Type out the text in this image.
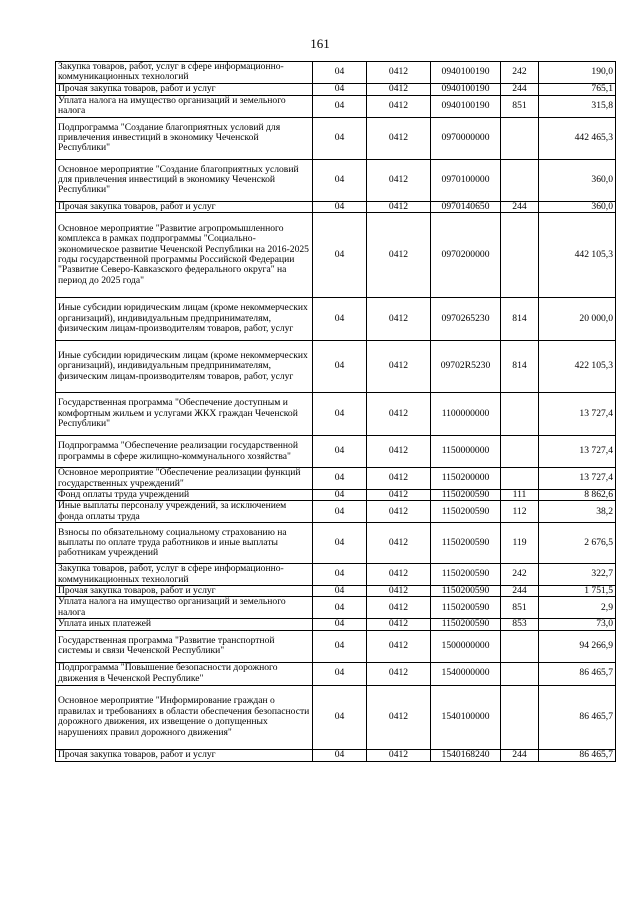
161
Закупка товаров, работ, услуг в сфере информационно-коммуникационных технологий	04	0412	0940100190	242	190,0
Прочая закупка товаров, работ и услуг	04	0412	0940100190	244	765,1
Уплата налога на имущество организаций и земельного налога	04	0412	0940100190	851	315,8
Подпрограмма "Создание благоприятных условий для привлечения инвестиций в экономику Чеченской Республики"	04	0412	0970000000		442 465,3
Основное мероприятие "Создание благоприятных условий для привлечения инвестиций в экономику Чеченской Республики"	04	0412	0970100000		360,0
Прочая закупка товаров, работ и услуг	04	0412	0970140650	244	360,0
Основное мероприятие "Развитие агропромышленного комплекса в рамках подпрограммы "Социально-экономическое развитие Чеченской Республики на 2016-2025 годы государственной программы Российской Федерации "Развитие Северо-Кавказского федерального округа" на период до 2025 года"	04	0412	0970200000		442 105,3
Иные субсидии юридическим лицам (кроме некоммерческих организаций), индивидуальным предпринимателям, физическим лицам-производителям товаров, работ, услуг	04	0412	0970265230	814	20 000,0
Иные субсидии юридическим лицам (кроме некоммерческих организаций), индивидуальным предпринимателям, физическим лицам-производителям товаров, работ, услуг	04	0412	09702R5230	814	422 105,3
Государственная программа "Обеспечение доступным и комфортным жильем и услугами ЖКХ граждан Чеченской Республики"	04	0412	1100000000		13 727,4
Подпрограмма "Обеспечение реализации государственной программы в сфере жилищно-коммунального хозяйства"	04	0412	1150000000		13 727,4
Основное мероприятие "Обеспечение реализации функций государственных учреждений"	04	0412	1150200000		13 727,4
Фонд оплаты труда учреждений	04	0412	1150200590	111	8 862,6
Иные выплаты персоналу учреждений, за исключением фонда оплаты труда	04	0412	1150200590	112	38,2
Взносы по обязательному социальному страхованию на выплаты по оплате труда работников и иные выплаты работникам учреждений	04	0412	1150200590	119	2 676,5
Закупка товаров, работ, услуг в сфере информационно-коммуникационных технологий	04	0412	1150200590	242	322,7
Прочая закупка товаров, работ и услуг	04	0412	1150200590	244	1 751,5
Уплата налога на имущество организаций и земельного налога	04	0412	1150200590	851	2,9
Уплата иных платежей	04	0412	1150200590	853	73,0
Государственная программа "Развитие транспортной системы и связи Чеченской Республики"	04	0412	1500000000		94 266,9
Подпрограмма "Повышение безопасности дорожного движения в Чеченской Республике"	04	0412	1540000000		86 465,7
Основное мероприятие "Информирование граждан о правилах и требованиях в области обеспечения безопасности дорожного движения, их извещение о допущенных нарушениях правил дорожного движения"	04	0412	1540100000		86 465,7
Прочая закупка товаров, работ и услуг	04	0412	1540168240	244	86 465,7
